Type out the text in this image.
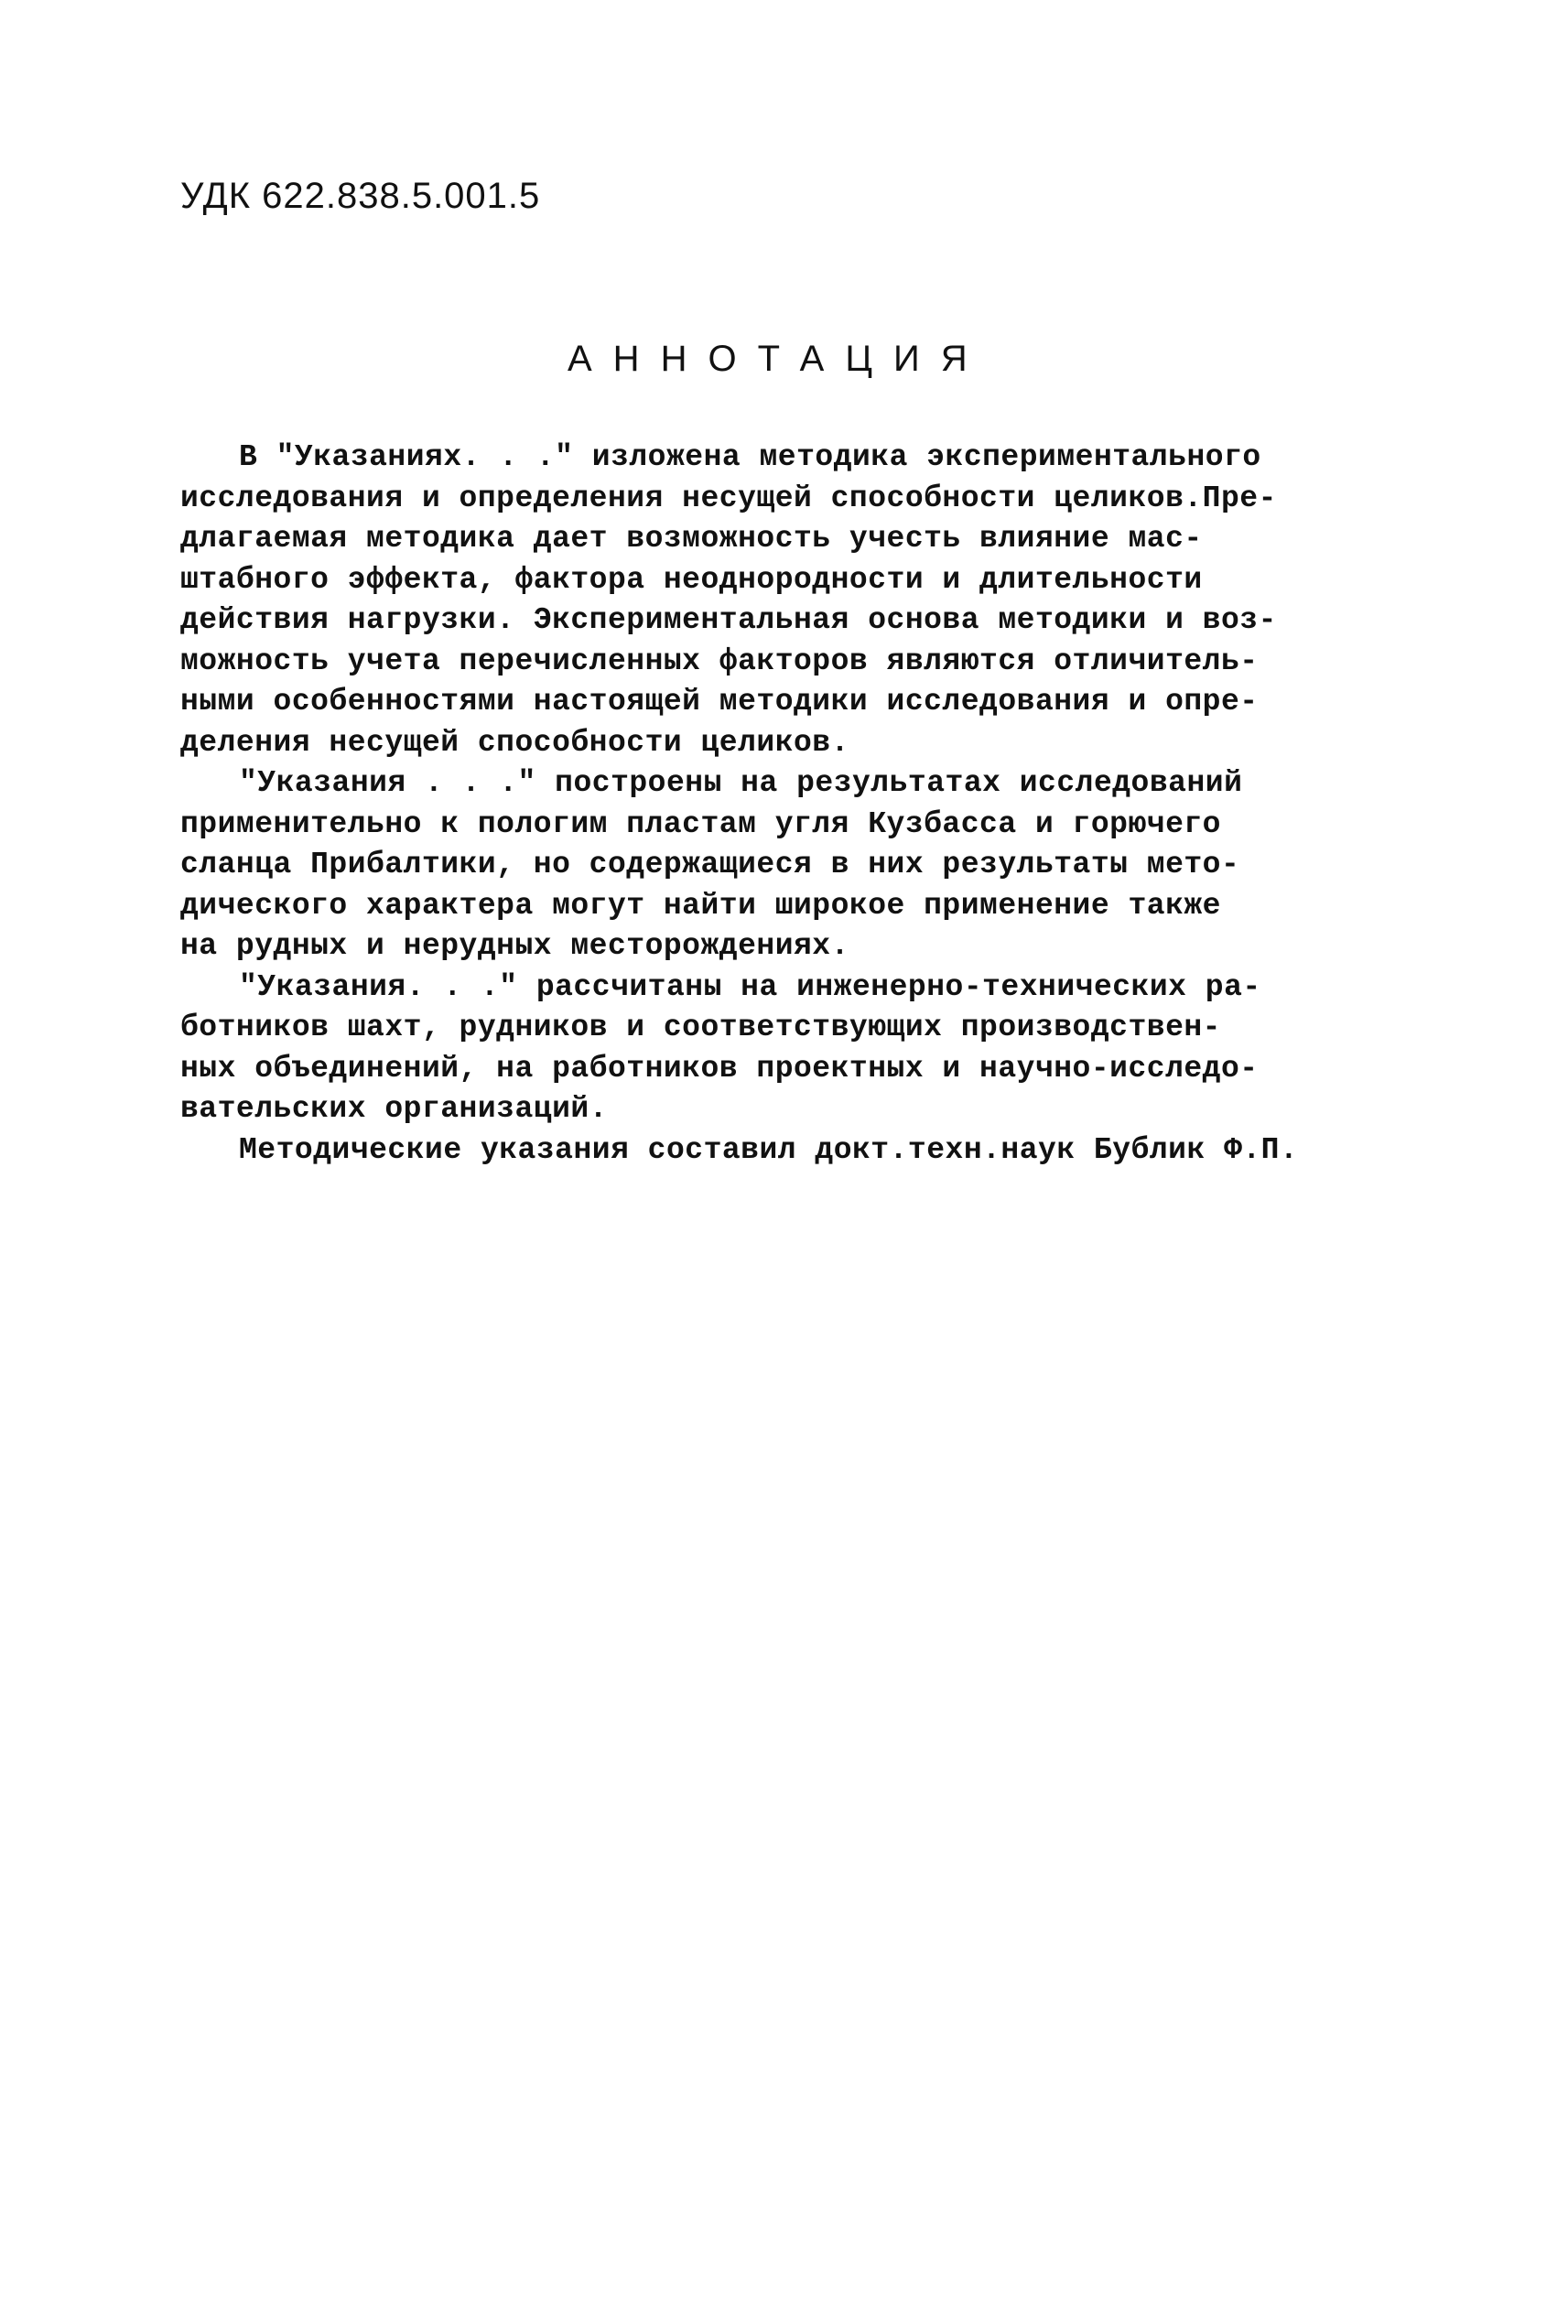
УДК 622.838.5.001.5
АННОТАЦИЯ
В "Указаниях. . ." изложена методика экспериментального
исследования и определения несущей способности целиков.Пре-
длагаемая методика дает возможность учесть влияние мас-
штабного эффекта, фактора неоднородности и длительности
действия нагрузки. Экспериментальная основа методики и воз-
можность учета перечисленных факторов являются отличитель-
ными особенностями настоящей методики исследования и опре-
деления несущей способности целиков.
"Указания . . ." построены на результатах исследований
применительно к пологим пластам угля Кузбасса и горючего
сланца Прибалтики, но содержащиеся в них результаты мето-
дического характера могут найти широкое применение также
на рудных и нерудных месторождениях.
"Указания. . ." рассчитаны на инженерно-технических ра-
ботников шахт, рудников и соответствующих производствен-
ных объединений, на работников проектных и научно-исследо-
вательских организаций.
Методические указания составил докт.техн.наук Бублик Ф.П.
